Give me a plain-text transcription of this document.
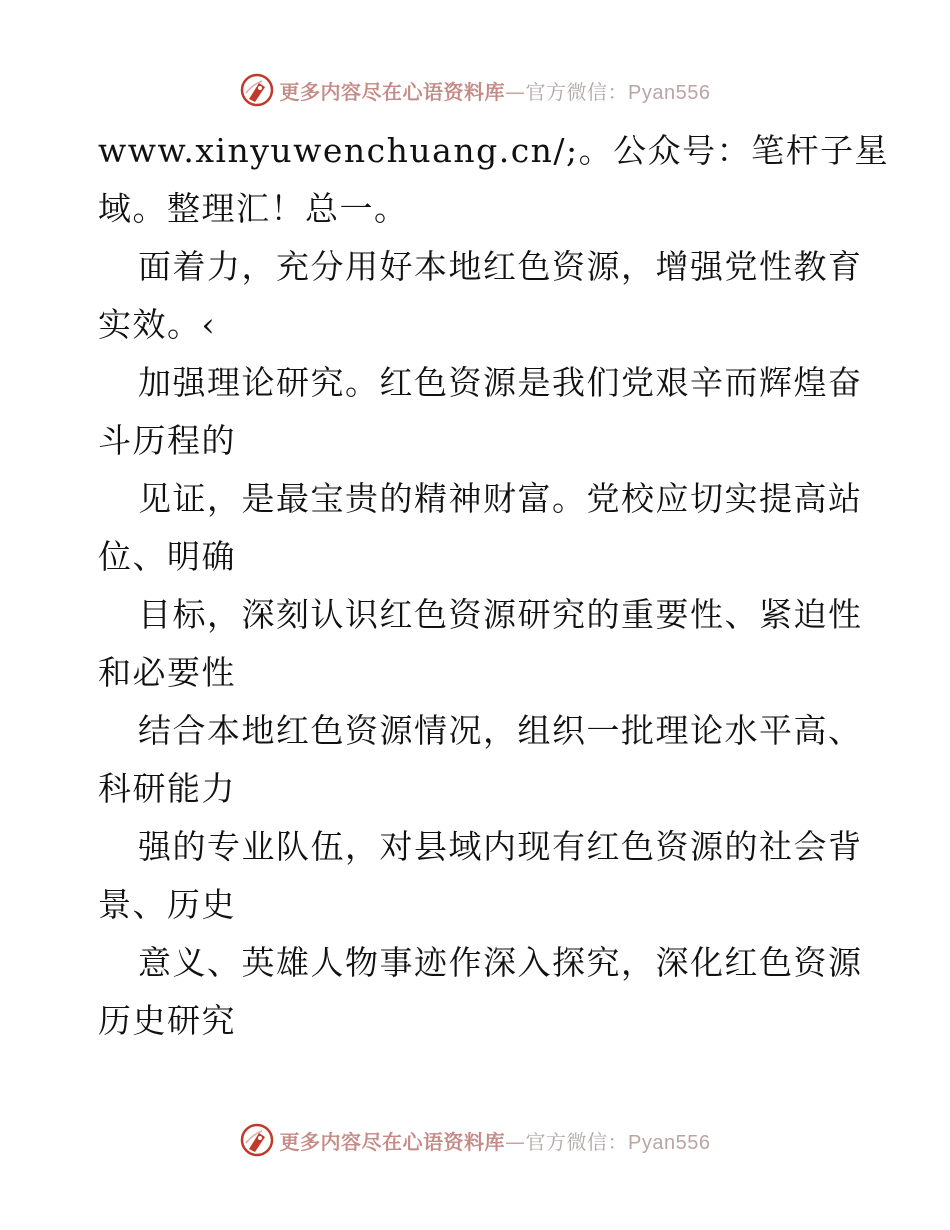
更多内容尽在心语资料库—官方微信：Pyan556
www.xinyuwenchuang.cn/;。公众号：笔杆子星
域。整理汇！总一。
面着力，充分用好本地红色资源，增强党性教育
实效。‹
加强理论研究。红色资源是我们党艰辛而辉煌奋
斗历程的
见证，是最宝贵的精神财富。党校应切实提高站
位、明确
目标，深刻认识红色资源研究的重要性、紧迫性
和必要性
结合本地红色资源情况，组织一批理论水平高、
科研能力
强的专业队伍，对县域内现有红色资源的社会背
景、历史
意义、英雄人物事迹作深入探究，深化红色资源
历史研究
更多内容尽在心语资料库—官方微信：Pyan556
